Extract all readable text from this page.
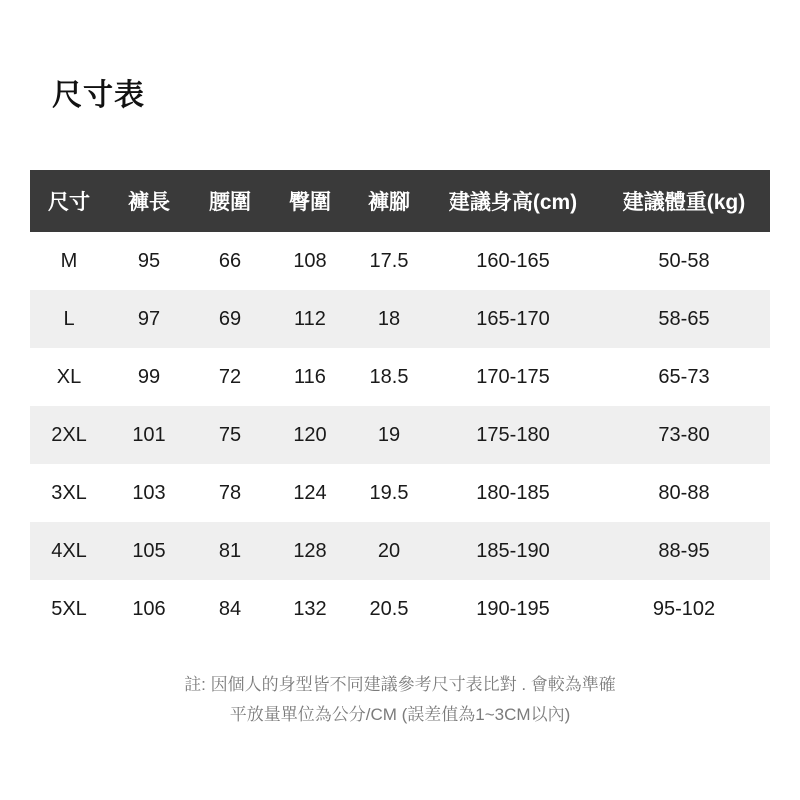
尺寸表
尺寸	褲長	腰圍	臀圍	褲腳	建議身高(cm)	建議體重(kg)
M	95	66	108	17.5	160-165	50-58
L	97	69	112	18	165-170	58-65
XL	99	72	116	18.5	170-175	65-73
2XL	101	75	120	19	175-180	73-80
3XL	103	78	124	19.5	180-185	80-88
4XL	105	81	128	20	185-190	88-95
5XL	106	84	132	20.5	190-195	95-102
註: 因個人的身型皆不同建議參考尺寸表比對 . 會較為準確
平放量單位為公分/CM (誤差值為1~3CM以內)
